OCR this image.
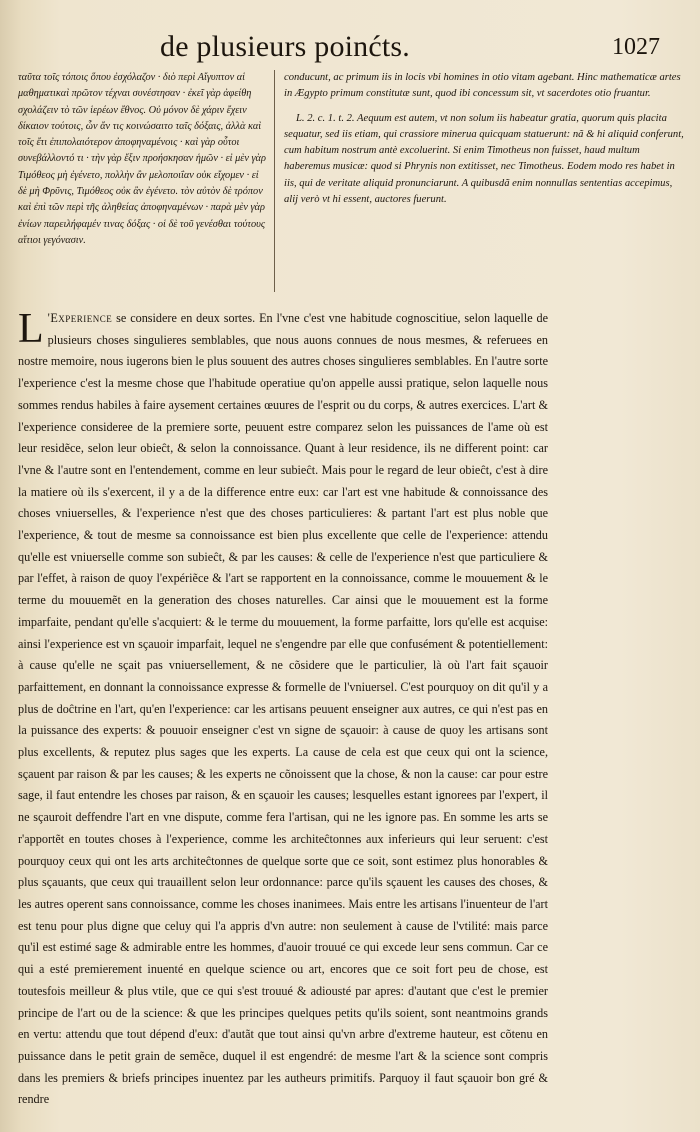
de plusieurs poinćts.	1027

ταῦτα τοῖς τόποις ὅπου ἐσχόλαζον · διὸ περὶ Αἴγυπτον αἱ μαθηματικαὶ πρῶτον τέχναι συνέστησαν · ἐκεῖ γὰρ ἀφείθη σχολάζειν τὸ τῶν ἱερέων ἔθνος. Οὐ μόνον δὲ χάριν ἔχειν δίκαιον τούτοις, ὧν ἄν τις κοινώσαιτο ταῖς δόξαις, ἀλλὰ καὶ τοῖς ἔτι ἐπιπολαιότερον ἀποφηναμένοις · καὶ γὰρ οὗτοι συνεβάλλοντό τι · τὴν γὰρ ἕξιν προήσκησαν ἡμῶν · εἰ μὲν γὰρ Τιμόθεος μὴ ἐγένετο, πολλὴν ἂν μελοποιΐαν οὐκ εἴχομεν · εἰ δὲ μὴ Φρῦνις, Τιμόθεος οὐκ ἂν ἐγένετο. τὸν αὐτὸν δὲ τρόπον καὶ ἐπὶ τῶν περὶ τῆς ἀληθείας ἀποφηναμένων · παρὰ μὲν γὰρ ἐνίων παρειλήφαμέν τινας δόξας · οἱ δὲ τοῦ γενέσθαι τούτους αἴτιοι γεγόνασιν.

conducunt, ac primum iis in locis vbi homines in otio vitam agebant. Hinc mathematicæ artes in Ægypto primum constitutæ sunt, quod ibi concessum sit, vt sacerdotes otio fruantur.

L. 2. c. 1. t. 2. Aequum est autem, vt non solum iis habeatur gratia, quorum quis placita sequatur, sed iis etiam, qui crassiore minerua quicquam statuerunt: nã & hi aliquid conferunt, cum habitum nostrum antè excoluerint. Si enim Timotheus non fuisset, haud multum haberemus musicæ: quod si Phrynis non extitisset, nec Timotheus. Eodem modo res habet in iis, qui de veritate aliquid pronunciarunt. A quibusdã enim nonnullas sententias accepimus, alij verò vt hi essent, auctores fuerunt.

L 'Experience se considere en deux sortes. En l'vne c'est vne habitude cognoscitiue, selon laquelle de plusieurs choses singulieres semblables, que nous auons connues de nous mesmes, & referuees en nostre memoire, nous iugerons bien le plus souuent des autres choses singulieres semblables. En l'autre sorte l'experience c'est la mesme chose que l'habitude operatiue qu'on appelle aussi pratique, selon laquelle nous sommes rendus habiles à faire aysement certaines œuures de l'esprit ou du corps, & autres exercices. L'art & l'experience consideree de la premiere sorte, peuuent estre comparez selon les puissances de l'ame où est leur residẽce, selon leur obieĉt, & selon la connoissance. Quant à leur residence, ils ne different point: car l'vne & l'autre sont en l'entendement, comme en leur subieĉt. Mais pour le regard de leur obieĉt, c'est à dire la matiere où ils s'exercent, il y a de la difference entre eux: car l'art est vne habitude & connoissance des choses vniuerselles, & l'experience n'est que des choses particulieres: & partant l'art est plus noble que l'experience, & tout de mesme sa connoissance est bien plus excellente que celle de l'experience: attendu qu'elle est vniuerselle comme son subieĉt, & par les causes: & celle de l'experience n'est que particuliere & par l'effet, à raison de quoy l'expériẽce & l'art se rapportent en la connoissance, comme le mouuement & le terme du mouuemẽt en la generation des choses naturelles. Car ainsi que le mouuement est la forme imparfaite, pendant qu'elle s'acquiert: & le terme du mouuement, la forme parfaitte, lors qu'elle est acquise: ainsi l'experience est vn sçauoir imparfait, lequel ne s'engendre par elle que confusément & potentiellement: à cause qu'elle ne sçait pas vniuersellement, & ne cõsidere que le particulier, là où l'art fait sçauoir parfaittement, en donnant la connoissance expresse & formelle de l'vniuersel. C'est pourquoy on dit qu'il y a plus de doĉtrine en l'art, qu'en l'experience: car les artisans peuuent enseigner aux autres, ce qui n'est pas en la puissance des experts: & pouuoir enseigner c'est vn signe de sçauoir: à cause de quoy les artisans sont plus excellents, & reputez plus sages que les experts. La cause de cela est que ceux qui ont la science, sçauent par raison & par les causes; & les experts ne cõnoissent que la chose, & non la cause: car pour estre sage, il faut entendre les choses par raison, & en sçauoir les causes; lesquelles estant ignorees par l'expert, il ne sçauroit deffendre l'art en vne dispute, comme fera l'artisan, qui ne les ignore pas. En somme les arts se r'apportẽt en toutes choses à l'experience, comme les architeĉtonnes aux inferieurs qui leur seruent: c'est pourquoy ceux qui ont les arts architeĉtonnes de quelque sorte que ce soit, sont estimez plus honorables & plus sçauants, que ceux qui trauaillent selon leur ordonnance: parce qu'ils sçauent les causes des choses, & les autres operent sans connoissance, comme les choses inanimees. Mais entre les artisans l'inuenteur de l'art est tenu pour plus digne que celuy qui l'a appris d'vn autre: non seulement à cause de l'vtilité: mais parce qu'il est estimé sage & admirable entre les hommes, d'auoir trouué ce qui excede leur sens commun. Car ce qui a esté premierement inuenté en quelque science ou art, encores que ce soit fort peu de chose, est toutesfois meilleur & plus vtile, que ce qui s'est trouué & adiousté par apres: d'autant que c'est le premier principe de l'art ou de la science: & que les principes quelques petits qu'ils soient, sont neantmoins grands en vertu: attendu que tout dépend d'eux: d'autãt que tout ainsi qu'vn arbre d'extreme hauteur, est cõtenu en puissance dans le petit grain de semẽce, duquel il est engendré: de mesme l'art & la science sont compris dans les premiers & briefs principes inuentez par les autheurs primitifs. Parquoy il faut sçauoir bon gré & rendre
